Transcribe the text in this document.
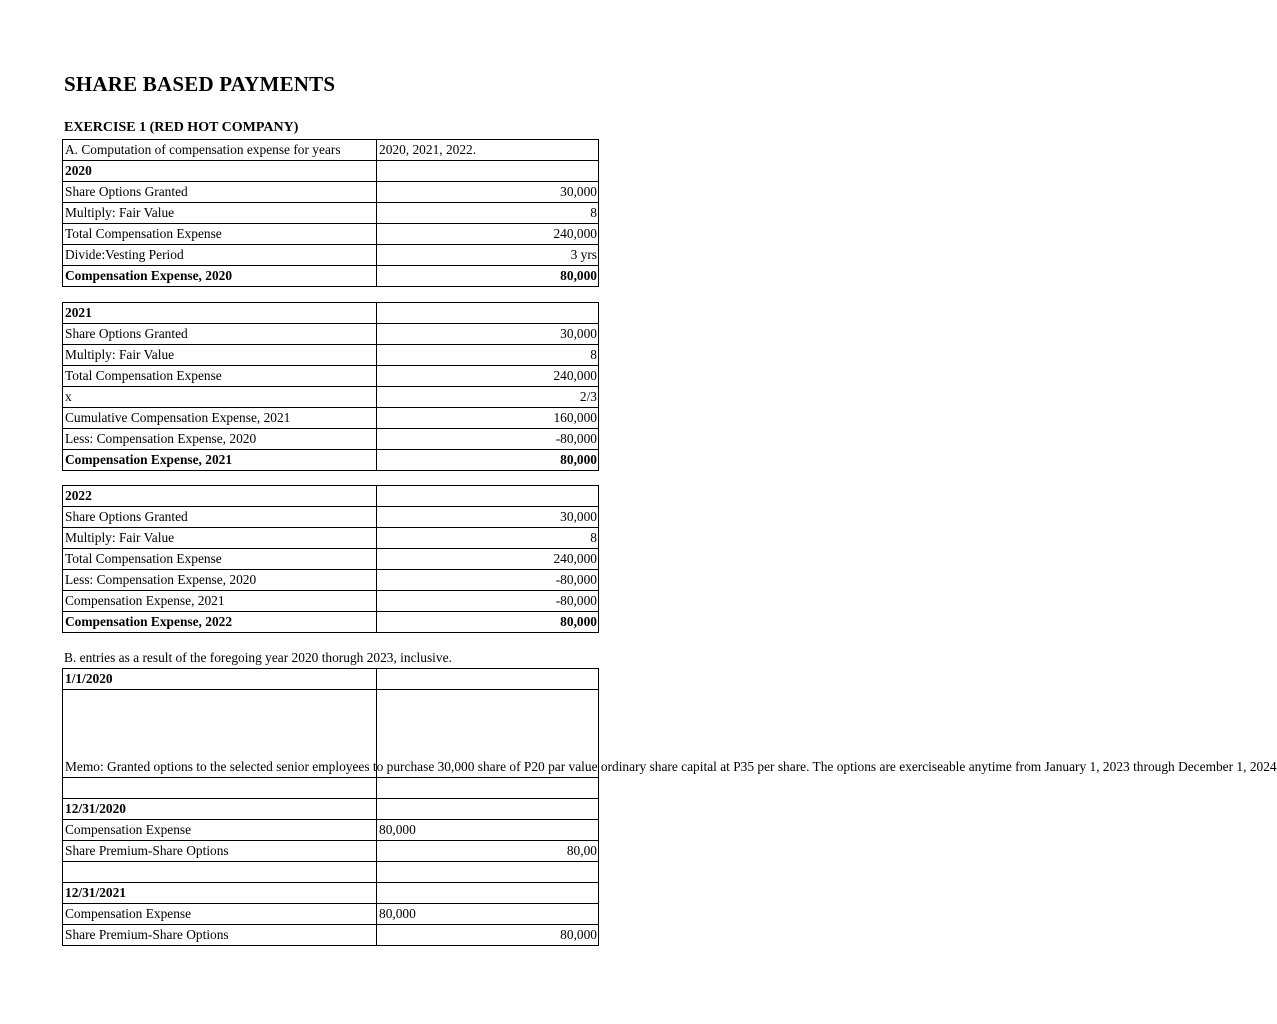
SHARE BASED PAYMENTS
EXERCISE 1 (RED HOT COMPANY)
A. Computation of compensation expense for years	2020, 2021, 2022.
2020	
Share Options Granted	30,000
Multiply: Fair Value	8
Total Compensation Expense	240,000
Divide:Vesting Period	3 yrs
Compensation Expense, 2020	80,000
2021	
Share Options Granted	30,000
Multiply: Fair Value	8
Total Compensation Expense	240,000
x	2/3
Cumulative Compensation Expense, 2021	160,000
Less: Compensation Expense, 2020	-80,000
Compensation Expense, 2021	80,000
2022	
Share Options Granted	30,000
Multiply: Fair Value	8
Total Compensation Expense	240,000
Less: Compensation Expense, 2020	-80,000
Compensation Expense, 2021	-80,000
Compensation Expense, 2022	80,000
B. entries as a result of the foregoing year 2020 thorugh 2023, inclusive.
1/1/2020	
Memo: Granted options to the selected senior employees to purchase 30,000 share of P20 par value ordinary share capital at P35 per share. The options are exerciseable anytime from January 1, 2023 through December 1, 2024	

12/31/2020	
Compensation Expense	80,000
Share Premium-Share Options	80,00

12/31/2021	
Compensation Expense	80,000
Share Premium-Share Options	80,000
